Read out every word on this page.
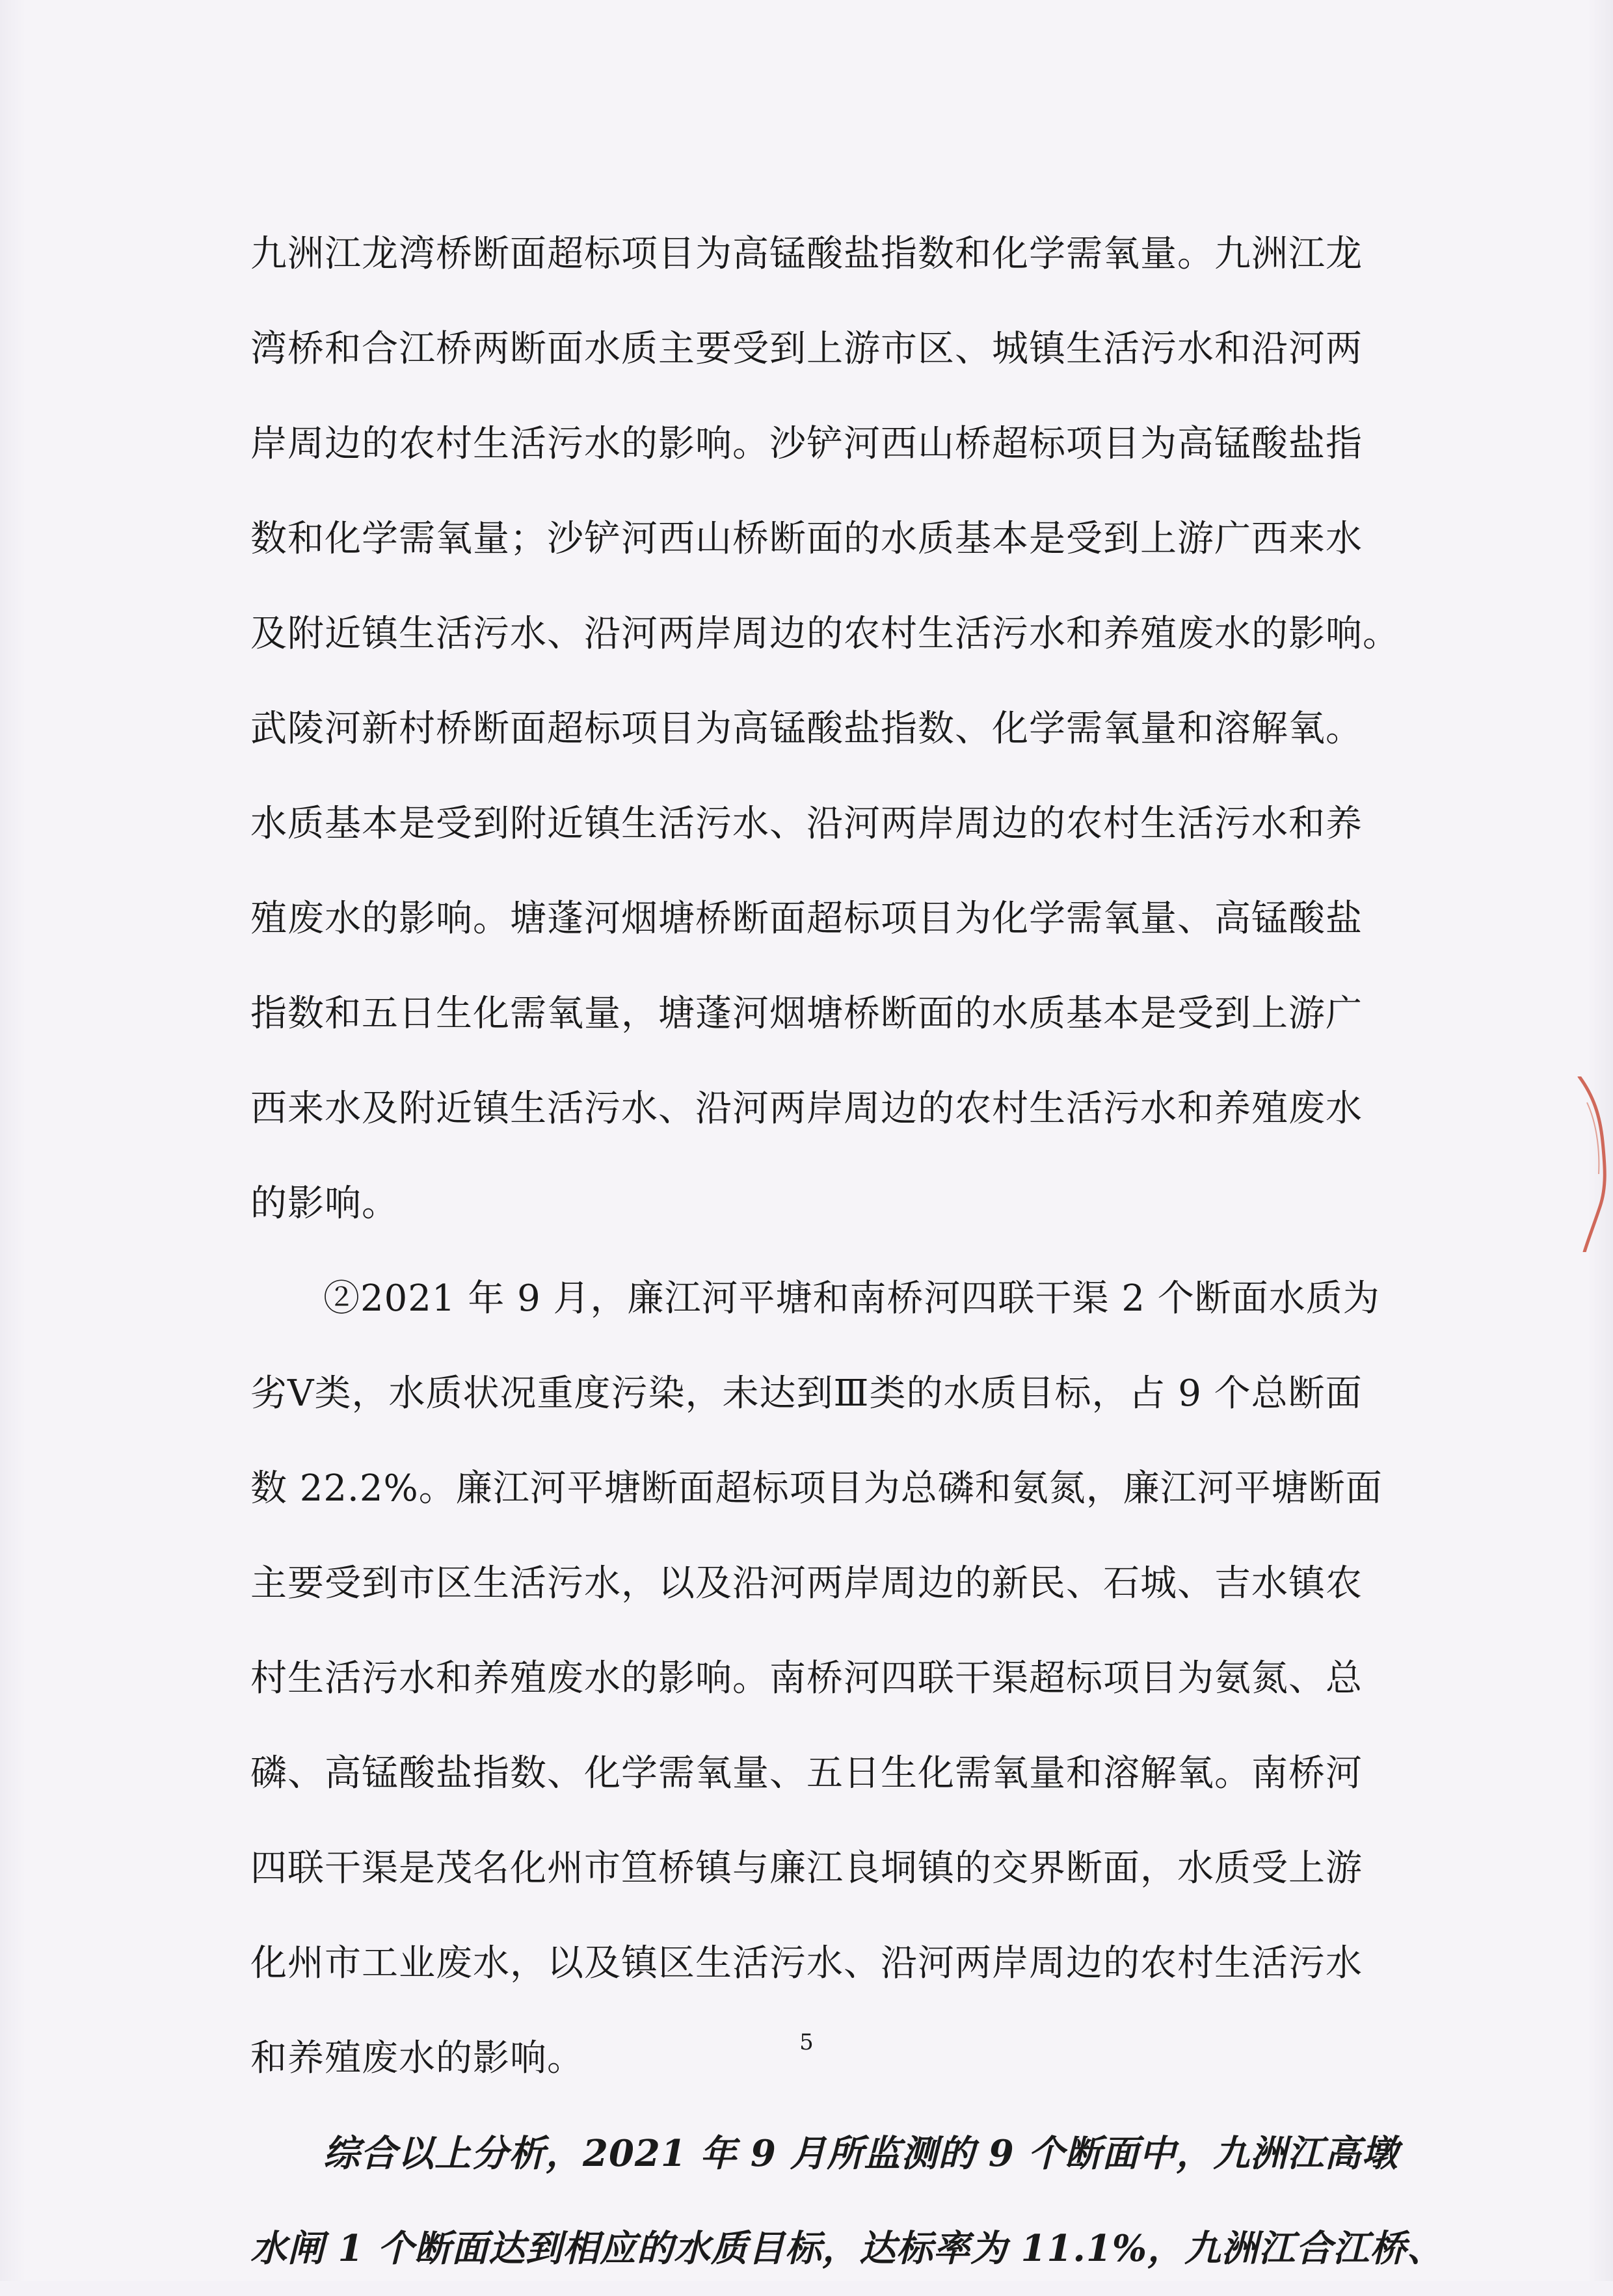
九洲江龙湾桥断面超标项目为高锰酸盐指数和化学需氧量。九洲江龙
湾桥和合江桥两断面水质主要受到上游市区、城镇生活污水和沿河两
岸周边的农村生活污水的影响。沙铲河西山桥超标项目为高锰酸盐指
数和化学需氧量；沙铲河西山桥断面的水质基本是受到上游广西来水
及附近镇生活污水、沿河两岸周边的农村生活污水和养殖废水的影响。
武陵河新村桥断面超标项目为高锰酸盐指数、化学需氧量和溶解氧。
水质基本是受到附近镇生活污水、沿河两岸周边的农村生活污水和养
殖废水的影响。塘蓬河烟塘桥断面超标项目为化学需氧量、高锰酸盐
指数和五日生化需氧量，塘蓬河烟塘桥断面的水质基本是受到上游广
西来水及附近镇生活污水、沿河两岸周边的农村生活污水和养殖废水
的影响。
②2021 年 9 月，廉江河平塘和南桥河四联干渠 2 个断面水质为
劣Ⅴ类，水质状况重度污染，未达到Ⅲ类的水质目标，占 9 个总断面
数 22.2%。廉江河平塘断面超标项目为总磷和氨氮，廉江河平塘断面
主要受到市区生活污水，以及沿河两岸周边的新民、石城、吉水镇农
村生活污水和养殖废水的影响。南桥河四联干渠超标项目为氨氮、总
磷、高锰酸盐指数、化学需氧量、五日生化需氧量和溶解氧。南桥河
四联干渠是茂名化州市笪桥镇与廉江良垌镇的交界断面，水质受上游
化州市工业废水，以及镇区生活污水、沿河两岸周边的农村生活污水
和养殖废水的影响。
综合以上分析，2021 年 9 月所监测的 9 个断面中，九洲江高墩
水闸 1 个断面达到相应的水质目标，达标率为 11.1%，九洲江合江桥、
5
